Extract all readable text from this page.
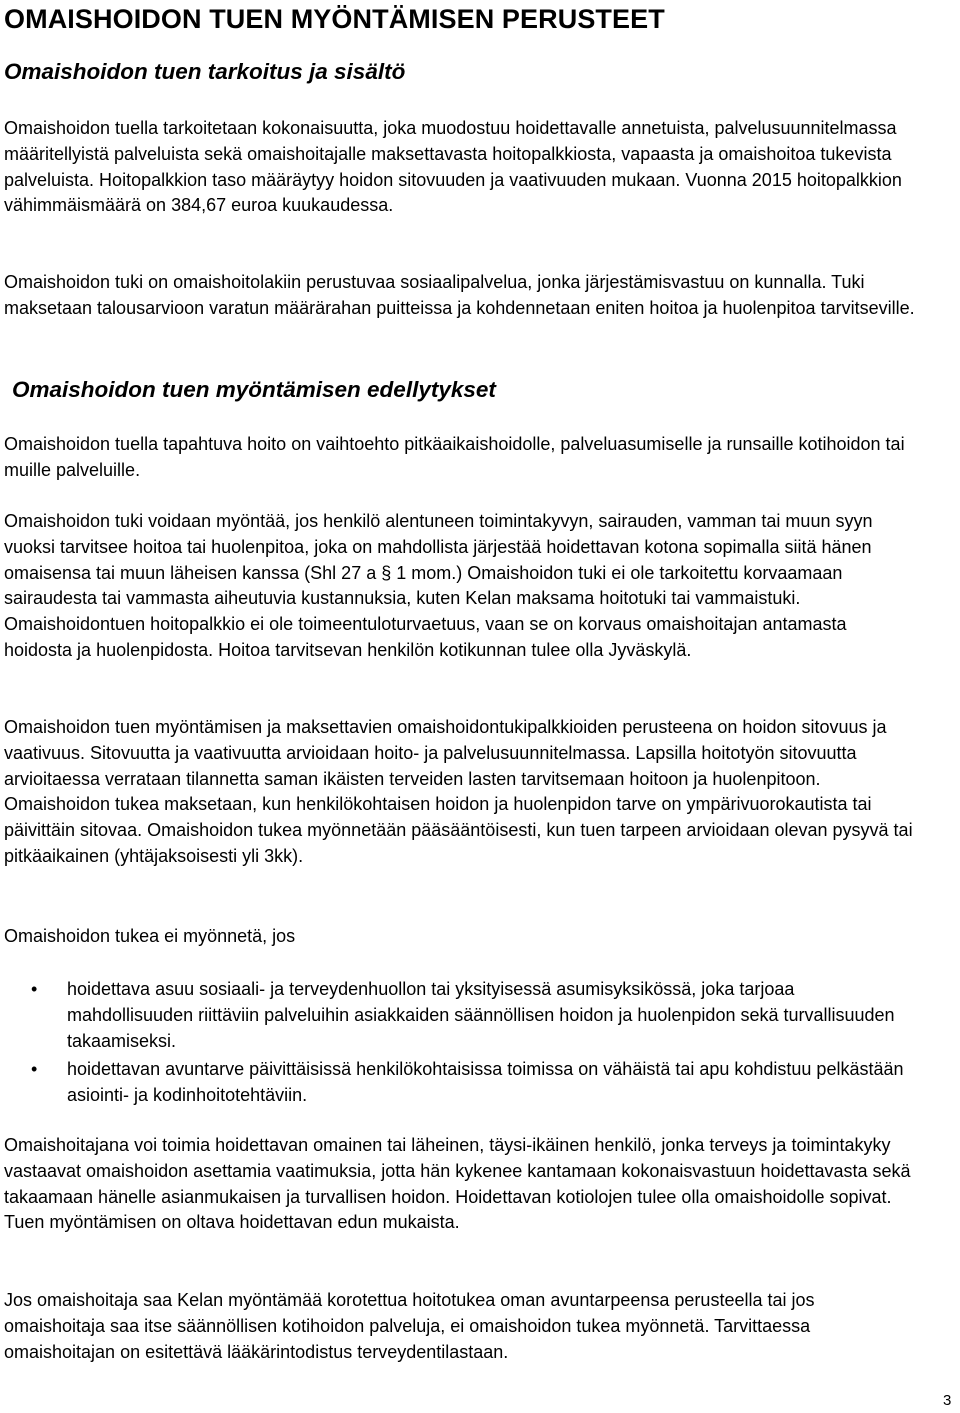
OMAISHOIDON TUEN MYÖNTÄMISEN PERUSTEET
Omaishoidon tuen tarkoitus ja sisältö

Omaishoidon tuella tarkoitetaan kokonaisuutta, joka muodostuu hoidettavalle annetuista, palvelusuunnitelmassa määritellyistä palveluista sekä omaishoitajalle maksettavasta hoitopalkkiosta, vapaasta ja omaishoitoa tukevista palveluista. Hoitopalkkion taso määräytyy hoidon sitovuuden ja vaativuuden mukaan. Vuonna 2015 hoitopalkkion vähimmäismäärä on 384,67 euroa kuukaudessa.

Omaishoidon tuki on omaishoitolakiin perustuvaa sosiaalipalvelua, jonka järjestämisvastuu on kunnalla. Tuki maksetaan talousarvioon varatun määrärahan puitteissa ja kohdennetaan eniten hoitoa ja huolenpitoa tarvitseville.

Omaishoidon tuen myöntämisen edellytykset

Omaishoidon tuella tapahtuva hoito on vaihtoehto pitkäaikaishoidolle, palveluasumiselle ja runsaille kotihoidon tai muille palveluille.

Omaishoidon tuki voidaan myöntää, jos henkilö alentuneen toimintakyvyn, sairauden, vamman tai muun syyn vuoksi tarvitsee hoitoa tai huolenpitoa, joka on mahdollista järjestää hoidettavan kotona sopimalla siitä hänen omaisensa tai muun läheisen kanssa (Shl 27 a § 1 mom.) Omaishoidon tuki ei ole tarkoitettu korvaamaan sairaudesta tai vammasta aiheutuvia kustannuksia, kuten Kelan maksama hoitotuki tai vammaistuki. Omaishoidontuen hoitopalkkio ei ole toimeentuloturvaetuus, vaan se on korvaus omaishoitajan antamasta hoidosta ja huolenpidosta. Hoitoa tarvitsevan henkilön kotikunnan tulee olla Jyväskylä.

Omaishoidon tuen myöntämisen ja maksettavien omaishoidontukipalkkioiden perusteena on hoidon sitovuus ja vaativuus. Sitovuutta ja vaativuutta arvioidaan hoito- ja palvelusuunnitelmassa. Lapsilla hoitotyön sitovuutta arvioitaessa verrataan tilannetta saman ikäisten terveiden lasten tarvitsemaan hoitoon ja huolenpitoon. Omaishoidon tukea maksetaan, kun henkilökohtaisen hoidon ja huolenpidon tarve on ympärivuorokautista tai päivittäin sitovaa. Omaishoidon tukea myönnetään pääsääntöisesti, kun tuen tarpeen arvioidaan olevan pysyvä tai pitkäaikainen (yhtäjaksoisesti yli 3kk).

Omaishoidon tukea ei myönnetä, jos

• hoidettava asuu sosiaali- ja terveydenhuollon tai yksityisessä asumisyksikössä, joka tarjoaa mahdollisuuden riittäviin palveluihin asiakkaiden säännöllisen hoidon ja huolenpidon sekä turvallisuuden takaamiseksi.
• hoidettavan avuntarve päivittäisissä henkilökohtaisissa toimissa on vähäistä tai apu kohdistuu pelkästään asiointi- ja kodinhoitotehtäviin.

Omaishoitajana voi toimia hoidettavan omainen tai läheinen, täysi-ikäinen henkilö, jonka terveys ja toimintakyky vastaavat omaishoidon asettamia vaatimuksia, jotta hän kykenee kantamaan kokonaisvastuun hoidettavasta sekä takaamaan hänelle asianmukaisen ja turvallisen hoidon. Hoidettavan kotiolojen tulee olla omaishoidolle sopivat. Tuen myöntämisen on oltava hoidettavan edun mukaista.

Jos omaishoitaja saa Kelan myöntämää korotettua hoitotukea oman avuntarpeensa perusteella tai jos omaishoitaja saa itse säännöllisen kotihoidon palveluja, ei omaishoidon tukea myönnetä. Tarvittaessa omaishoitajan on esitettävä lääkärintodistus terveydentilastaan.

3
